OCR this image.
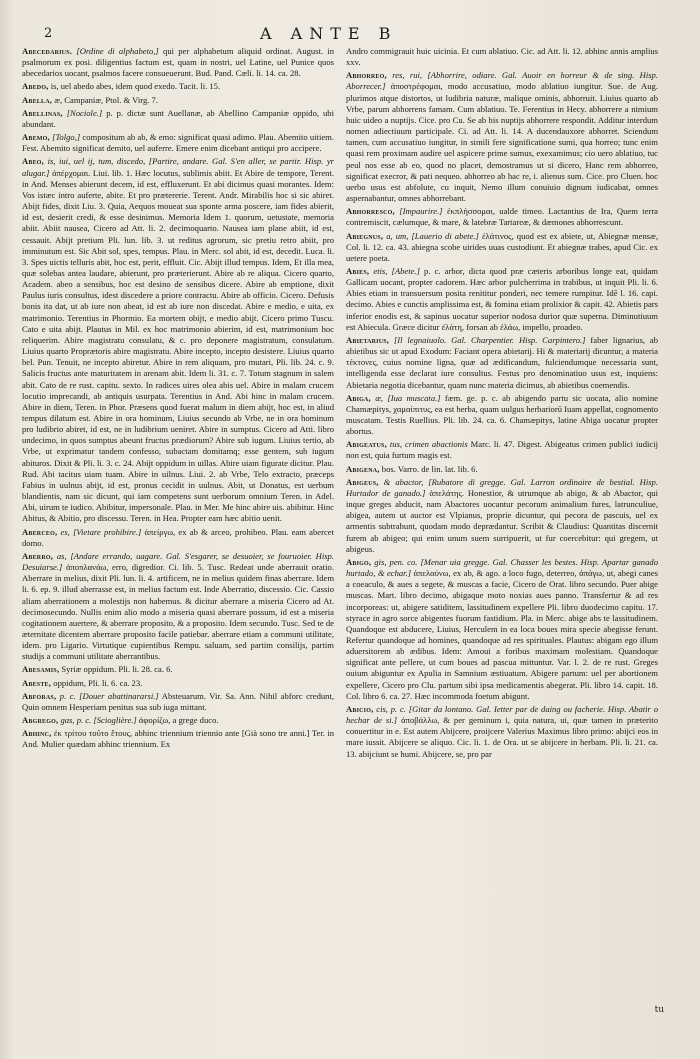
2	A ANTE B

Abecedarius. [Ordine di alphabeto,] qui per alphabetum aliquid ordinat. August. in psalmorum ex posi. diligentius factum est, quam in nostri, uel Latine, uel Punice quos abecedarios uocant, psalmos facere consueuerunt. Bud. Pand. Cæli. li. 14. ca. 28.

Abedo, is, uel abedo abes, idem quod exedo. Tacit. li. 15.

Abella, æ, Campaniæ, Ptol. & Virg. 7.

Abellinas, [Nociole.] p. p. dictæ sunt Auellanæ, ab Abellino Campaniæ oppido, ubi abundant.

Abemo, [Tolgo,] compositum ab ab, & emo: significat quasi adimo. Plau. Abemito uitiem. Fest. Abemito significat demito, uel auferre. Emere enim dicebant antiqui pro accipere.

Abeo, is, iui, uel ij, tum, discedo, [Partire, andare. Gal. S'en aller, se partir. Hisp. yr alugar.] ἀπέρχομαι. Liui. lib. 1. Hæc locutus, sublimis abiit. Et Abire de tempore, Terent. in And. Menses abierunt decem, id est, effluxerunt. Et abi dicimus quasi morantes. Idem: Vos istæc intro auferte, abite. Et pro prætererie. Terent. Andr. Mirabilis hoc si sic abiret. Abijt fides, dixit Liu. 3. Quia, Aequos moueat sua sponte arma poscere, iam fides abierit, id est, desierit credi, & esse desinimus. Memoria Idem 1. quorum, uetustate, memoria abiit. Abiit nausea, Cicero ad Att. li. 2. decimoquarto. Nausea iam plane abiit, id est, cessauit. Abijt pretium Pli. lun. lib. 3. ut reditus agrorum, sic pretiu retro abiit, pro imminutum est. Sic Abit sol, spes, tempus. Plau. in Merc. sol abit, id est, decedit. Luca. li. 3. Spes uictis telluris abit, hoc est, perit, effluit. Cic. Abijt illud tempus. Idem, Et illa mea, quæ solebas antea laudare, abierunt, pro præterierunt. Abire ab re aliqua. Cicero quarto, Academ. abeo a sensibus, hoc est desino de sensibus dicere. Abire ab emptione, dixit Paulus iuris consultus, idest discedere a priore contractu. Abire ab officio. Cicero. Defusis bonis ita dat, ut ab iure non abeat, id est ab iure non discedat. Abire e medio, e uita, ex matrimonio. Terentius in Phormio. Ea mortem obijt, e medio abijt. Cicero primo Tuscu. Cato e uita abijt. Plautus in Mil. ex hoc matrimonio abierim, id est, matrimonium hoc reliquerim. Abire magistratu consulatu, & c. pro deponere magistratum, consulatum. Liuius quarto Proprætoris abire magistratu. Abire incepto, incepto desistere. Liuius quarto bel. Pun. Tenuit, ne incepto abiretur. Abire in rem aliquam, pro mutari, Pli. lib. 24. c. 9. Salicis fructus ante maturitatem in arenam abit. Idem li. 31. c. 7. Totum stagnum in salem abit. Cato de re rust. capitu. sexto. In radices uires olea abis uel. Abire in malam crucem locutio imprecandi, ab antiquis usurpata. Terentius in And. Abi hinc in malam crucem. Abire in diem, Teren. in Phor. Præsens quod fuerat malum in diem abijt, hoc est, in aliud tempus dilatum est. Abire in ora hominum, Liuius secundo ab Vrbe, ne in ora hominum pro ludibrio abiret, id est, ne in ludibrium ueniret. Abire in sumptus. Cicero ad Atti. libro undecimo, in quos sumptus abeunt fructus prædiorum? Abire sub iugum. Liuius tertio, ab Vrbe, ut exprimatur tandem confesso, subactam domitamq; esse gentem, sub iugum abituros. Dixit & Pli. li. 3. c. 24. Abijt oppidum in uillas. Abire uiam figurate dicitur. Plau. Rud. Abi tacitus uiam tuam. Abire in uilnus. Liui. 2. ab Vrbe, Telo extracto, præceps Fabius in uulnus abijt, id est, pronus cecidit in uulnus. Abit, ut Donatus, est uerbum blandientis, nam sic dicunt, qui iam competens sunt uerborum omnium Teren. in Adel. Abi, uirum te iudico. Abibitur, impersonale. Plau. in Mer. Me hinc abire uis. abibitur. Hinc Abitus, & Abitio, pro discessu. Teren. in Hea. Propter eam hæc abitio uenit.

Aberceo, es, [Vietare prohibire.] ἀπείργω, ex ab & arceo, prohibeo. Plau. eam abercet domo.

Aberro, as, [Andare errando, uagare. Gal. S'esgarer, se desuoier, se fouruoier. Hisp. Desuiarse.] ἀποπλανάω, erro, digredior. Ci. lib. 5. Tusc. Redeat unde aberrauit oratio. Aberrare in melius, dixit Pli. lun. li. 4. artificem, ne in melius quidem finas aberrare. Idem li. 6. ep. 9. illud aberrasse est, in melius factum est. Inde Aberratio, discessio. Cic. Cassio aliam aberrationem a molestijs non habemus. & dicitur aberrare a miseria Cicero ad At. decimosecundo. Nullis enim alio modo a miseria quasi aberrare possum, id est a miseria cogitationem auertere, & aberrare proposito, & a proposito. Idem secundo. Tusc. Sed te de æternitate dicentem aberrare proposito facile patiebar. aberrare etiam a communi utilitate, idem. pro Ligario. Virtutique cupientibus Rempu. saluam, sed partim consilijs, partim studijs a communi utilitate aberrantibus.

Abesamis, Syriæ oppidum. Pli. li. 28. ca. 6.

Abeste, oppidum, Pli. li. 6. ca. 23.

Abforas, p. c. [Douer abattinararsi.] Absteuarum. Vir. Sa. Ann. Nihil abforc credunt, Quin omnem Hesperiam penitus sua sub iuga mittant.

Abgrego, gas, p. c. [Scioglière.] ἀφορίζω, a grege duco.

Abhinc, ἐκ τρίτου τοῦτο ἔτους, abhinc triennium triennio ante [Già sono tre anni.] Ter. in And. Mulier quædam abhinc triennium. Ex

Andro commigrauit huic uicinia. Et cum ablatiuo. Cic. ad Att. li. 12. abhinc annis amplius xxv.

Abhorreo, res, rui, [Abhorrire, odiare. Gal. Auoir en horreur & de sing. Hisp. Aborrecer.] ἀποστρέφομαι, modo accusatiuo, modo ablatiuo iungitur. Sue. de Aug. plurimos atque distortos, ut ludibria naturæ, malique ominis, abhorruit. Liuius quarto ab Vrbe, parum abhorrens famam. Cum ablatiuo. Te. Ferentius in Hecy. abhorrere a nimium huic uideo a nuptijs. Cice. pro Cu. Se ab his nuptijs abhorrere respondit. Additur interdum nomen adiectiuum participale. Ci. ad Att. li. 14. A ducendauxore abhorret. Sciendum tamen, cum accusatiuo iungitur, in simili fere significatione sumi, qua horreo; tunc enim quasi rem proximam audire uel aspicere prime sumus, exexamimus; cio uero ablatiuo, tuc peul nos esse ab eo, quod no placet, demostramus ut si dicero, Hanc rem abhorreo, significat execror, & pati nequeo. abhorreo ab hac re, i. alienus sum. Cice. pro Cluen. hoc uerbo usus est abfolute, cu inquit, Nemo illum conuiuio dignum iudicabat, omnes aspernabantur, omnes abhorrebant.

Abhorresco, [Impaurire.] ἐκπλήσσομαι, ualde timeo. Lactantius de Ira, Quem terra contremiscit, cælumque, & mare, & latebræ Tartareæ, & dæmones abhorrescunt.

Abiegnus, a, um, [Lauerio di abete.] ἐλάτινος, quod est ex abiete, ut, Abiegnæ mensæ, Col. li. 12. ca. 43. abiegna scobe uirides uuas custodiunt. Et abiegnæ trabes, apud Cic. ex uetere poeta.

Abies, etis, [Abete.] p. c. arbor, dicta quod præ cæteris arboribus longe eat, quidam Gallicam uocant, propter cadorem. Hæc arbor pulcherrima in trabibus, ut inquit Pli. li. 6. Abies etiam in transuersum posita renititur ponderi, nec temere rumpitur. Idē l. 16. capi. decimo. Abies e cunctis amplissima est, & fomina etiam prolixior & capit. 42. Abietis pars inferior enodis est, & sapinus uocatur superior nodosa durior quæ superna. Diminutiuum est Abiecula. Græce dicitur ἐλάτη, forsan ab ἐλάω, impello, proadeo.

Abietarius, [Il legnaiuolo. Gal. Charpentier. Hisp. Carpintero.] faber lignarius, ab abietibus sic ut apud Exodum: Faciant opera abietarij. Hi & materiarij dicuntur, a materia τέκτονες, cuius nomine ligna, quæ ad ædificandum, fulciendumque necessaria sunt, intelligenda esse declarat iure consultus. Festus pro denominatiuo usus est, inquiens: Abietaria negotia dicebantur, quam nunc materia dicimus, ab abietibus coemendis.

Abiga, æ, [Iua muscata.] fæm. ge. p. c. ab abigendo partu sic uocata, alio nomine Chamæpitys, χαμαίπιτυς, ea est herba, quam uulgus herbariorū Iuam appellat, cognomento muscatam. Testis Ruellius. Pli. lib. 24. ca. 6. Chamæpitys, latine Abiga uocatur propter abortus.

Abigeatus, tus, crimen abactionis Marc. li. 47. Digest. Abigeatus crimen publici iudicij non est, quia furtum magis est.

Abigena, bos. Varro. de lin. lat. lib. 6.

Abigeus, & abactor, [Rubatore di gregge. Gal. Larron ordinaire de bestial. Hisp. Hurtador de ganado.] ἀπελάτης. Honestior, & utrumque ab abigo, & ab Abactor, qui inque greges abducit, nam Abactores uocantur pecorum animalium fures, latrunculiue, abigea, autem ut auctor est Vlpianus, proprie dicuntur, qui pecora de pascuis, uel ex armentis subtrahunt, quodam modo deprædantur. Scribit & Claudius: Quantitas discernit furem ab abigeo; qui enim unum suem surripuerit, ut fur coercebitur: qui gregem, ut abigeus.

Abigo, gis, pen. co. [Menar uia gregge. Gal. Chasser les bestes. Hisp. Apartar ganado hurtado, & echar.] ἀπελαύνω, ex ab, & ago. a loco fugo, deterreo, ἀπάγω, ut, abegi canes a coeaculo, & aues a segete, & muscas a facie, Cicero de Orat. libro secundo. Puer abige muscas. Mart. libro decimo, abigaque moto noxias aues panno. Transfertur & ad res incorporeas: ut, abigere satiditem, lassitudinem expellere Pli. libro duodecimo capitu. 17. styrace in agro sorce abigentes fuorum fastidium. Pla. in Merc. abige abs te lassitudinem. Quandoque est abducere, Liuius, Herculem in ea loca boues mira specie abegisse ferunt. Refertur quandoque ad homines, quandoque ad res spirituales. Plautus: abigam ego illum aduersitorem ab ædibus. Idem: Amoui a foribus maximam molestiam. Quandoque significat ante pellere, ut cum boues ad pascua mittuntur. Var. l. 2. de re rust. Greges ouium abiguntur ex Apulia in Samnium æstiuatum. Abigere partum: uel per abortionem expellere, Cicero pro Clu. partum sibi ipsa medicamentis abegerat. Pli. libro 14. capit. 18. Col. libro 6. ca. 27. Hæc incommoda foetum abigunt.

Abicio, cis, p. c. [Gitar da lontano. Gal. Ietter par de daing ou facherie. Hisp. Abatir o hechar de si.] ἀποβάλλω, & per geminum i, quia natura, ui, quæ tamen in præterito conuertitur in e. Est autem Abijcere, proijcere Valerius Maximus libro primo: abijci eos in mare iussit. Abijcere se aliquo. Cic. li. 1. de Ora. ut se abijcere in herbam. Pli. li. 21. ca. 13. abijciunt se humi. Abijcere, se, pro par

tu
